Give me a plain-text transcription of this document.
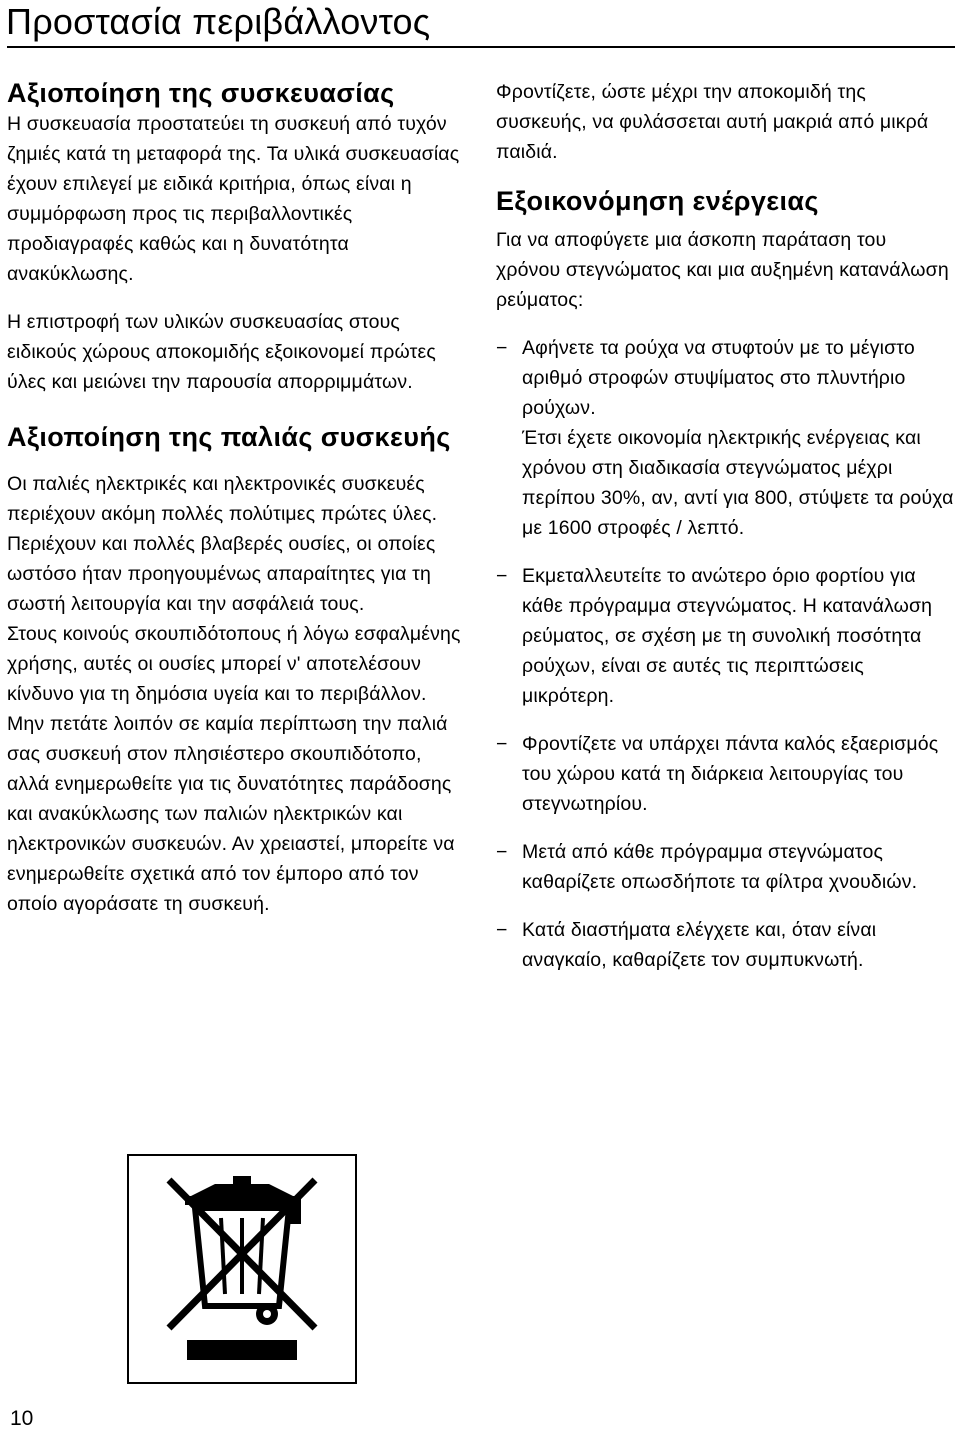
Προστασία περιβάλλοντος
Αξιοποίηση της συσκευασίας

Η συσκευασία προστατεύει τη συσκευή από τυχόν ζημιές κατά τη μεταφορά της. Τα υλικά συσκευασίας έχουν επιλεγεί με ειδικά κριτήρια, όπως είναι η συμμόρφωση προς τις περιβαλλοντικές προδιαγραφές καθώς και η δυνατότητα ανακύκλωσης.

Η επιστροφή των υλικών συσκευασίας στους ειδικούς χώρους αποκομιδής εξοικονομεί πρώτες ύλες και μειώνει την παρουσία απορριμμάτων.

Αξιοποίηση της παλιάς συσκευής

Οι παλιές ηλεκτρικές και ηλεκτρονικές συσκευές περιέχουν ακόμη πολλές πολύτιμες πρώτες ύλες. Περιέχουν και πολλές βλαβερές ουσίες, οι οποίες ωστόσο ήταν προηγουμένως απαραίτητες για τη σωστή λειτουργία και την ασφάλειά τους.

Στους κοινούς σκουπιδότοπους ή λόγω εσφαλμένης χρήσης, αυτές οι ουσίες μπορεί ν' αποτελέσουν κίνδυνο για τη δημόσια υγεία και το περιβάλλον. Μην πετάτε λοιπόν σε καμία περίπτωση την παλιά σας συσκευή στον πλησιέστερο σκουπιδότοπο, αλλά ενημερωθείτε για τις δυνατότητες παράδοσης και ανακύκλωσης των παλιών ηλεκτρικών και ηλεκτρονικών συσκευών. Αν χρειαστεί, μπορείτε να ενημερωθείτε σχετικά από τον έμπορο από τον οποίο αγοράσατε τη συσκευή.

Φροντίζετε, ώστε μέχρι την αποκομιδή της συσκευής, να φυλάσσεται αυτή μακριά από μικρά παιδιά.

Εξοικονόμηση ενέργειας

Για να αποφύγετε μια άσκοπη παράταση του χρόνου στεγνώματος και μια αυξημένη κατανάλωση ρεύματος:

− Αφήνετε τα ρούχα να στυφτούν με το μέγιστο αριθμό στροφών στυψίματος στο πλυντήριο ρούχων.
Έτσι έχετε οικονομία ηλεκτρικής ενέργειας και χρόνου στη διαδικασία στεγνώματος μέχρι περίπου 30%, αν, αντί για 800, στύψετε τα ρούχα με 1600 στροφές / λεπτό.
− Εκμεταλλευτείτε το ανώτερο όριο φορτίου για κάθε πρόγραμμα στεγνώματος. Η κατανάλωση ρεύματος, σε σχέση με τη συνολική ποσότητα ρούχων, είναι σε αυτές τις περιπτώσεις μικρότερη.
− Φροντίζετε να υπάρχει πάντα καλός εξαερισμός του χώρου κατά τη διάρκεια λειτουργίας του στεγνωτηρίου.
− Μετά από κάθε πρόγραμμα στεγνώματος καθαρίζετε οπωσδήποτε τα φίλτρα χνουδιών.
− Κατά διαστήματα ελέγχετε και, όταν είναι αναγκαίο, καθαρίζετε τον συμπυκνωτή.
10
